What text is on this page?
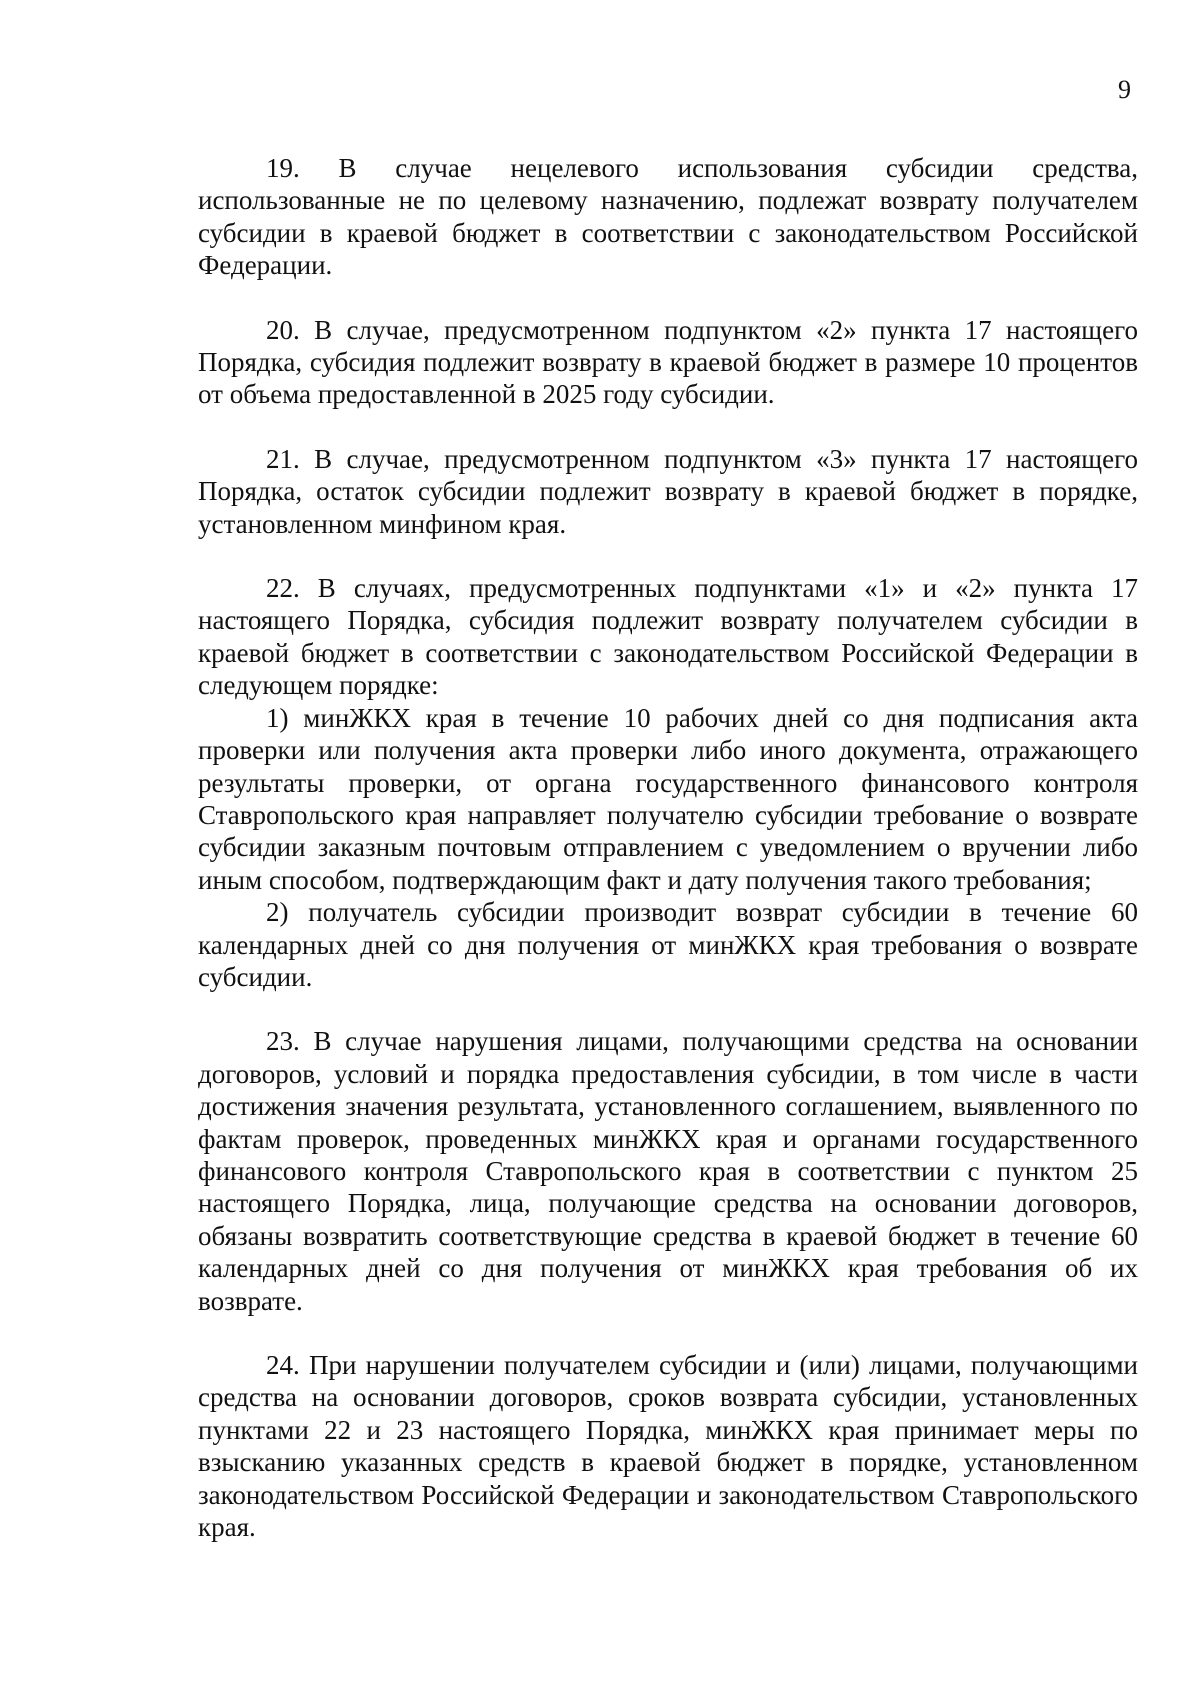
9

19. В случае нецелевого использования субсидии средства, использованные не по целевому назначению, подлежат возврату получателем субсидии в краевой бюджет в соответствии с законодательством Российской Федерации.

20. В случае, предусмотренном подпунктом «2» пункта 17 настоящего Порядка, субсидия подлежит возврату в краевой бюджет в размере 10 процентов от объема предоставленной в 2025 году субсидии.

21. В случае, предусмотренном подпунктом «3» пункта 17 настоящего Порядка, остаток субсидии подлежит возврату в краевой бюджет в порядке, установленном минфином края.

22. В случаях, предусмотренных подпунктами «1» и «2» пункта 17 настоящего Порядка, субсидия подлежит возврату получателем субсидии в краевой бюджет в соответствии с законодательством Российской Федерации в следующем порядке:

1) минЖКХ края в течение 10 рабочих дней со дня подписания акта проверки или получения акта проверки либо иного документа, отражающего результаты проверки, от органа государственного финансового контроля Ставропольского края направляет получателю субсидии требование о возврате субсидии заказным почтовым отправлением с уведомлением о вручении либо иным способом, подтверждающим факт и дату получения такого требования;

2) получатель субсидии производит возврат субсидии в течение 60 календарных дней со дня получения от минЖКХ края требования о возврате субсидии.

23. В случае нарушения лицами, получающими средства на основании договоров, условий и порядка предоставления субсидии, в том числе в части достижения значения результата, установленного соглашением, выявленного по фактам проверок, проведенных минЖКХ края и органами государственного финансового контроля Ставропольского края в соответствии с пунктом 25 настоящего Порядка, лица, получающие средства на основании договоров, обязаны возвратить соответствующие средства в краевой бюджет в течение 60 календарных дней со дня получения от минЖКХ края требования об их возврате.

24. При нарушении получателем субсидии и (или) лицами, получающими средства на основании договоров, сроков возврата субсидии, установленных пунктами 22 и 23 настоящего Порядка, минЖКХ края принимает меры по взысканию указанных средств в краевой бюджет в порядке, установленном законодательством Российской Федерации и законодательством Ставропольского края.
